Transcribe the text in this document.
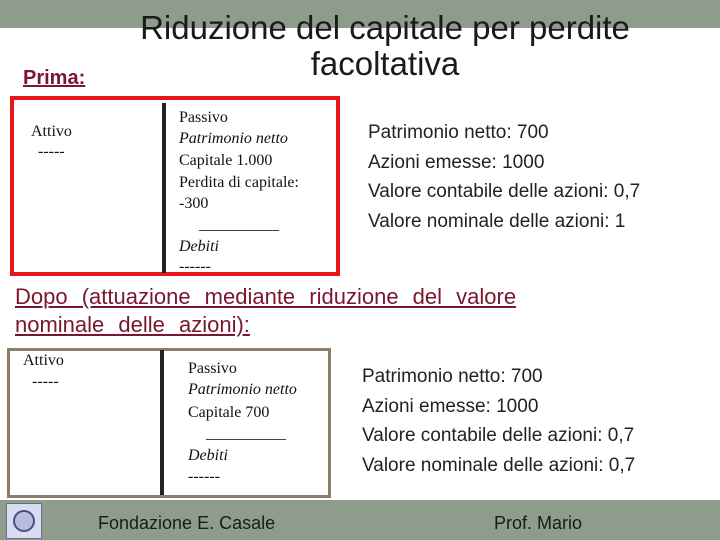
Riduzione del capitale per perdite
facoltativa
Prima:
Attivo
-----
Passivo
Patrimonio netto
Capitale 1.000
Perdita di capitale:
-300
__________
Debiti
------
Patrimonio netto: 700
Azioni emesse: 1000
Valore contabile delle azioni: 0,7
Valore nominale delle azioni: 1
Dopo (attuazione mediante riduzione del valore
nominale delle azioni):
Attivo
-----
Passivo
Patrimonio netto
Capitale 700
__________
Debiti
------
Patrimonio netto: 700
Azioni emesse: 1000
Valore contabile delle azioni: 0,7
Valore nominale delle azioni: 0,7
Fondazione E. Casale	Prof. Mario
